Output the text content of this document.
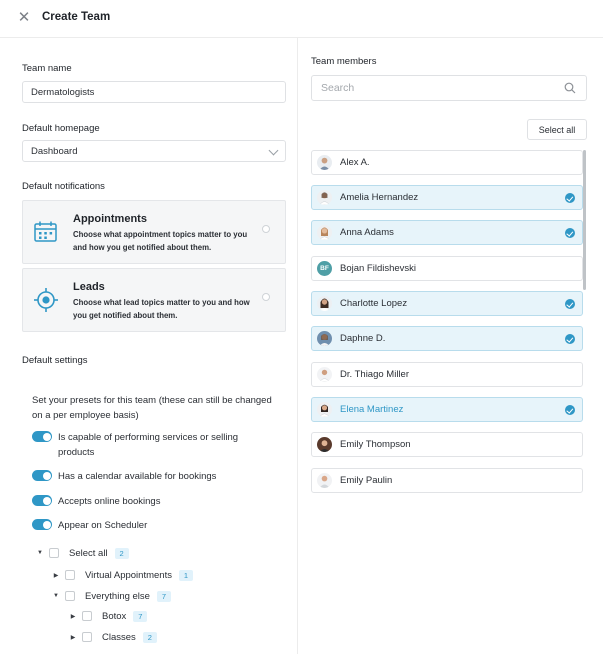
✕ Create Team
Team name
Dermatologists
Default homepage
Dashboard
Default notifications
Appointments
Choose what appointment topics matter to you and how you get notified about them.
Leads
Choose what lead topics matter to you and how you get notified about them.
Default settings
Set your presets for this team (these can still be changed on a per employee basis)
Is capable of performing services or selling products
Has a calendar available for bookings
Accepts online bookings
Appear on Scheduler
▼	Select all	2
▶	Virtual Appointments	1
▼	Everything else	7
▶	Botox	7
▶	Classes	2
Team members
Search
Select all
Alex A.
Amelia Hernandez
Anna Adams
BF	Bojan Fildishevski
Charlotte Lopez
Daphne D.
Dr. Thiago Miller
Elena Martinez
Emily Thompson
Emily Paulin
